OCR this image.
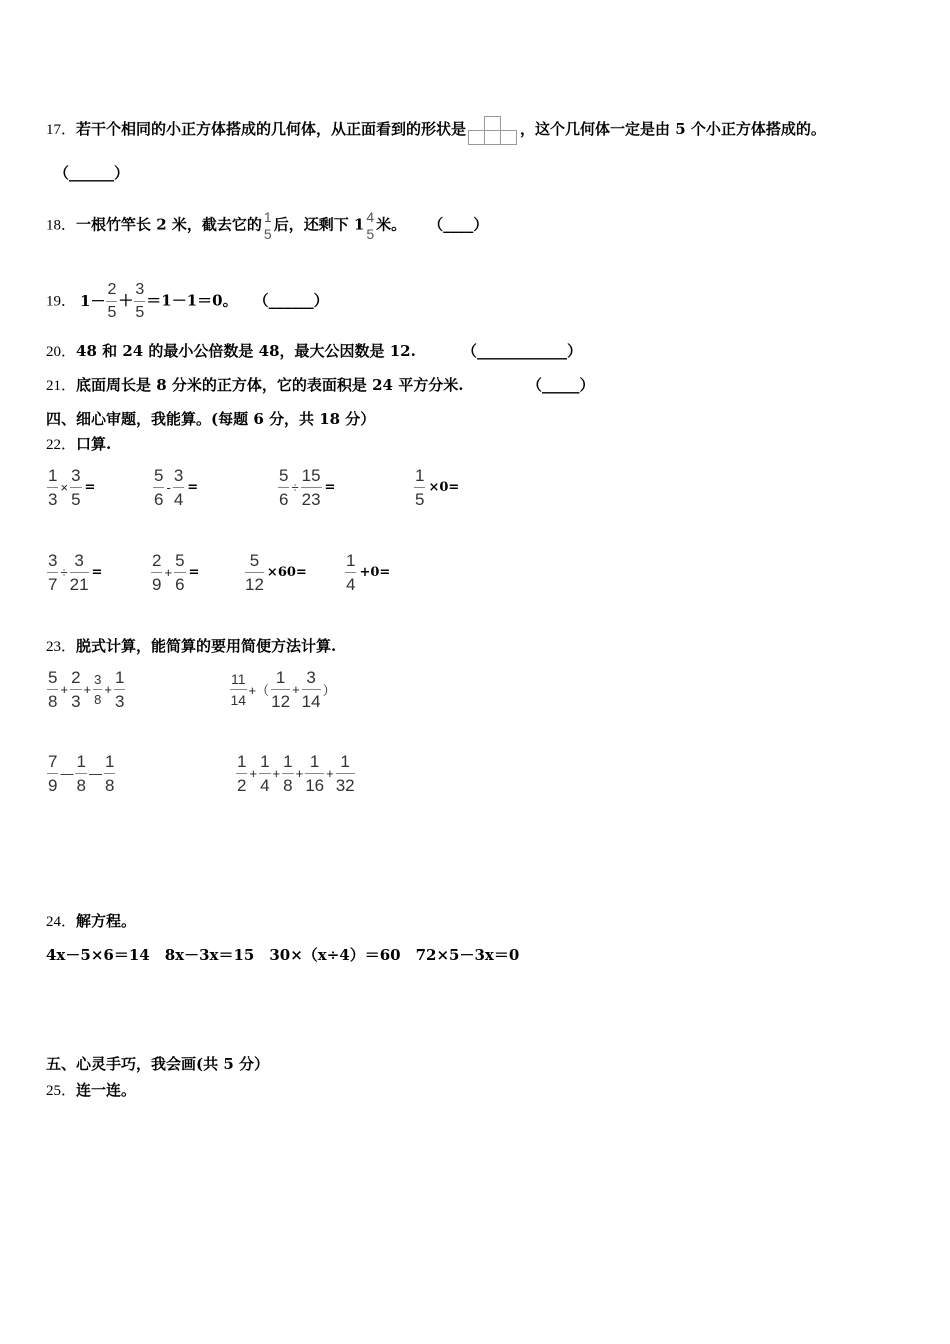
17．若干个相同的小正方体搭成的几何体，从正面看到的形状是	，这个几何体一定是由 5 个小正方体搭成的。
（______）
18．一根竹竿长 2 米，截去它的 $\frac{1}{5}$ 后，还剩下 $1 \frac{4}{5}$ 米。 （____）
19． $1- \frac{2}{5} + \frac{3}{5} =1-1=0$。 （______）
20．48 和 24 的最小公倍数是 48，最大公因数是 12.	（____________）
21．底面周长是 8 分米的正方体，它的表面积是 24 平方分米.	（_____）
四、细心审题，我能算。(每题 6 分，共 18 分）
22．口算.
$\frac{1}{3} \times \frac{3}{5}$ =	$\frac{5}{6} - \frac{3}{4}$ =	$\frac{5}{6} \div \frac{15}{23}$ =	$\frac{1}{5} \times 0=$
$\frac{3}{7} \div \frac{3}{21}$ =	$\frac{2}{9} + \frac{5}{6}$ =	$\frac{5}{12} \times 60= \frac{1}{4} +0=$
23．脱式计算，能简算的要用简便方法计算.
$\frac{5}{8} + \frac{2}{3} + \frac{3}{8} + \frac{1}{3}$	$\frac{11}{14}$ +（ $\frac{1}{12} + \frac{3}{14}$ ）
$\frac{7}{9}$ — $\frac{1}{8}$ — $\frac{1}{8}$	$\frac{1}{2} + \frac{1}{4} + \frac{1}{8} + \frac{1}{16} + \frac{1}{32}$
24．解方程。
4x－5×6＝14　8x－3x＝15　30×（x÷4）＝60　72×5－3x＝0
五、心灵手巧，我会画(共 5 分）
25．连一连。
